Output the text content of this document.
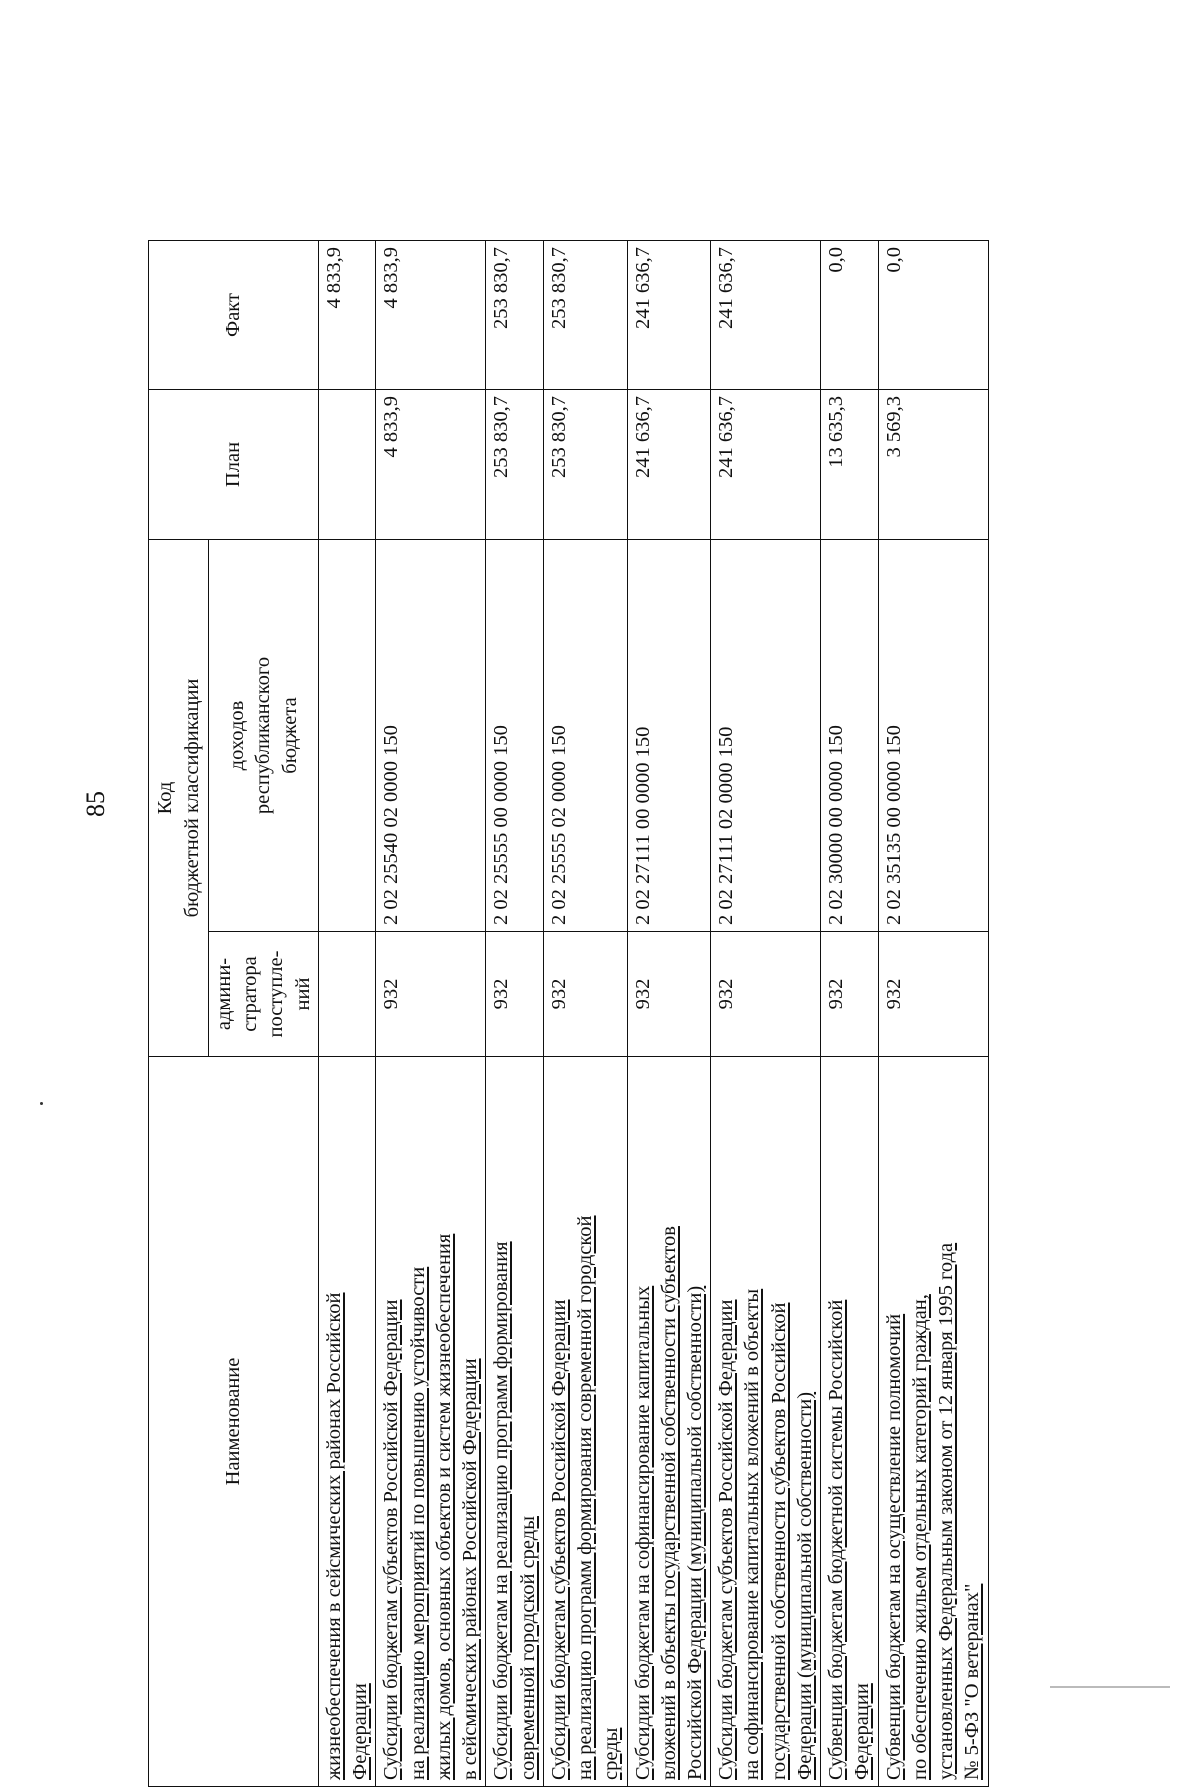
85
Наименование	Код бюджетной классификации		План	Факт

	админи- стратора поступле- ний	доходов республиканского бюджета		

жизнеобеспечения в сейсмических районах Российской Федерации				4 833,9

Субсидии бюджетам субъектов Российской Федерации на реализацию мероприятий по повышению устойчивости жилых домов, основных объектов и систем жизнеобеспечения в сейсмических районах Российской Федерации	932	2 02 25540 02 0000 150	4 833,9	4 833,9

Субсидии бюджетам на реализацию программ формирования современной городской среды	932	2 02 25555 00 0000 150	253 830,7	253 830,7

Субсидии бюджетам субъектов Российской Федерации на реализацию программ формирования современной городской среды	932	2 02 25555 02 0000 150	253 830,7	253 830,7

Субсидии бюджетам на софинансирование капитальных вложений в объекты государственной собственности субъектов Российской Федерации (муниципальной собственности)	932	2 02 27111 00 0000 150	241 636,7	241 636,7

Субсидии бюджетам субъектов Российской Федерации на софинансирование капитальных вложений в объекты государственной собственности субъектов Российской Федерации (муниципальной собственности)	932	2 02 27111 02 0000 150	241 636,7	241 636,7

Субвенции бюджетам бюджетной системы Российской Федерации	932	2 02 30000 00 0000 150	13 635,3	0,0

Субвенции бюджетам на осуществление полномочий по обеспечению жильем отдельных категорий граждан, установленных Федеральным законом от 12 января 1995 года № 5-ФЗ "О ветеранах"	932	2 02 35135 00 0000 150	3 569,3	0,0
